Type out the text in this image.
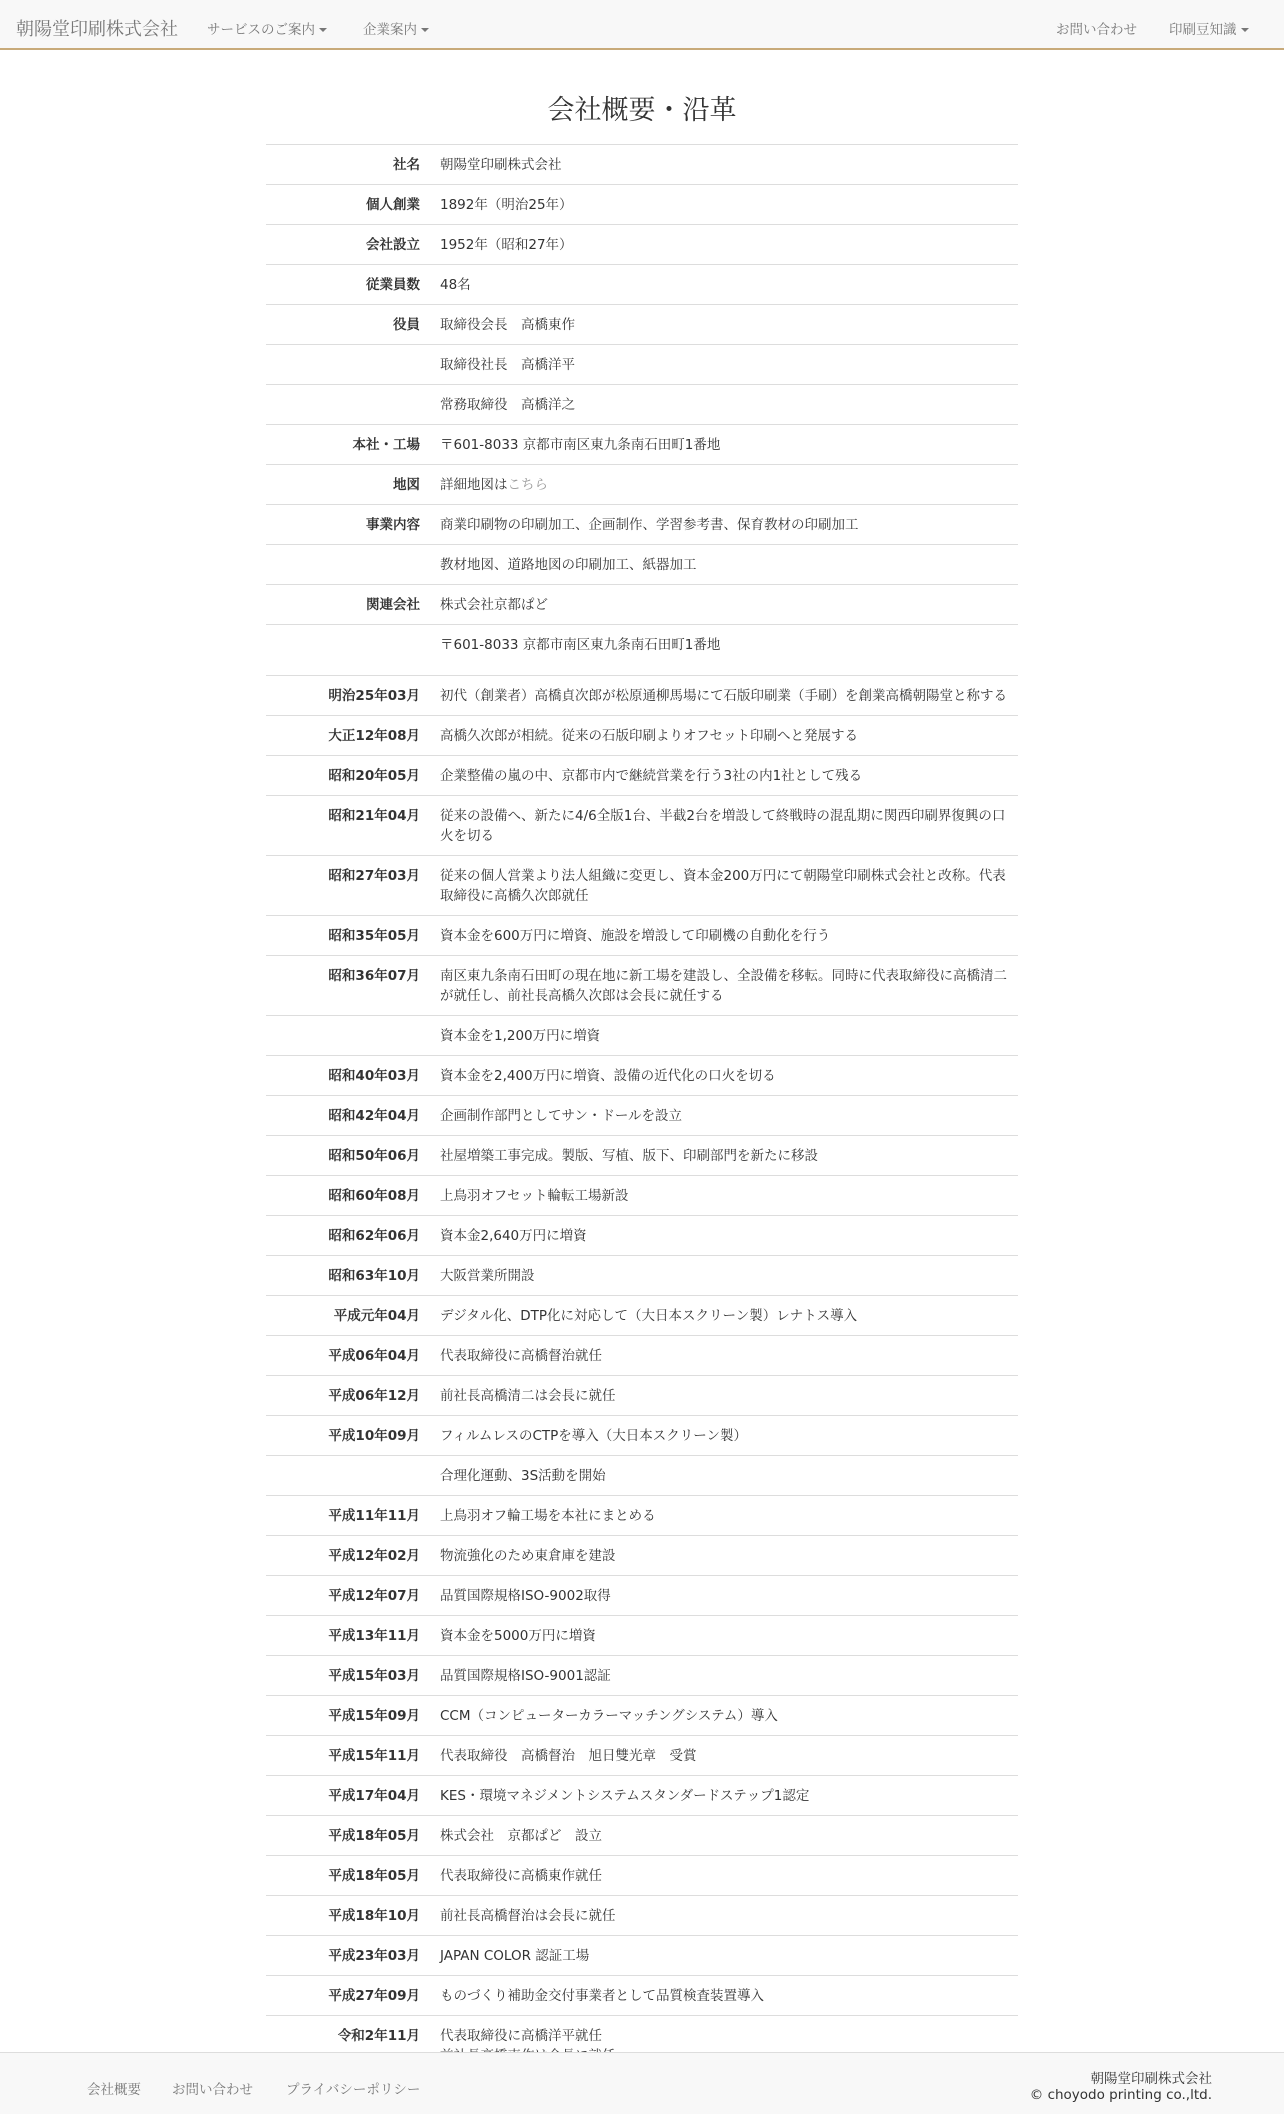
朝陽堂印刷株式会社 サービスのご案内	企業案内	お問い合わせ 印刷豆知識
会社概要・沿革
社名	朝陽堂印刷株式会社
個人創業	1892年（明治25年）
会社設立	1952年（昭和27年）
従業員数	48名
役員	取締役会長　高橋東作
	取締役社長　高橋洋平
	常務取締役　高橋洋之
本社・工場	〒601-8033 京都市南区東九条南石田町1番地
地図	詳細地図はこちら
事業内容	商業印刷物の印刷加工、企画制作、学習参考書、保育教材の印刷加工
	教材地図、道路地図の印刷加工、紙器加工
関連会社	株式会社京都ぱど
	〒601-8033 京都市南区東九条南石田町1番地
明治25年03月	初代（創業者）高橋貞次郎が松原通柳馬場にて石版印刷業（手刷）を創業高橋朝陽堂と称する

大正12年08月	高橋久次郎が相続。従来の石版印刷よりオフセット印刷へと発展する

昭和20年05月	企業整備の嵐の中、京都市内で継続営業を行う3社の内1社として残る

昭和21年04月	従来の設備へ、新たに4/6全版1台、半截2台を増設して終戦時の混乱期に関西印刷界復興の口火を切る

昭和27年03月	従来の個人営業より法人組織に変更し、資本金200万円にて朝陽堂印刷株式会社と改称。代表取締役に高橋久次郎就任

昭和35年05月	資本金を600万円に増資、施設を増設して印刷機の自動化を行う

昭和36年07月	南区東九条南石田町の現在地に新工場を建設し、全設備を移転。同時に代表取締役に高橋清二が就任し、前社長高橋久次郎は会長に就任する

	資本金を1,200万円に増資

昭和40年03月	資本金を2,400万円に増資、設備の近代化の口火を切る

昭和42年04月	企画制作部門としてサン・ドールを設立

昭和50年06月	社屋増築工事完成。製版、写植、版下、印刷部門を新たに移設

昭和60年08月	上鳥羽オフセット輪転工場新設

昭和62年06月	資本金2,640万円に増資

昭和63年10月	大阪営業所開設

平成元年04月	デジタル化、DTP化に対応して（大日本スクリーン製）レナトス導入

平成06年04月	代表取締役に高橋督治就任

平成06年12月	前社長高橋清二は会長に就任

平成10年09月	フィルムレスのCTPを導入（大日本スクリーン製）

	合理化運動、3S活動を開始

平成11年11月	上鳥羽オフ輪工場を本社にまとめる

平成12年02月	物流強化のため東倉庫を建設

平成12年07月	品質国際規格ISO-9002取得

平成13年11月	資本金を5000万円に増資

平成15年03月	品質国際規格ISO-9001認証

平成15年09月	CCM（コンピューターカラーマッチングシステム）導入

平成15年11月	代表取締役　高橋督治　旭日雙光章　受賞

平成17年04月	KES・環境マネジメントシステムスタンダードステップ1認定

平成18年05月	株式会社　京都ぱど　設立

平成18年05月	代表取締役に高橋東作就任

平成18年10月	前社長高橋督治は会長に就任

平成23年03月	JAPAN COLOR 認証工場

平成27年09月	ものづくり補助金交付事業者として品質検査装置導入

令和2年11月	代表取締役に高橋洋平就任
会社概要 お問い合わせ プライバシーポリシー
朝陽堂印刷株式会社
© choyodo printing co.,ltd.
